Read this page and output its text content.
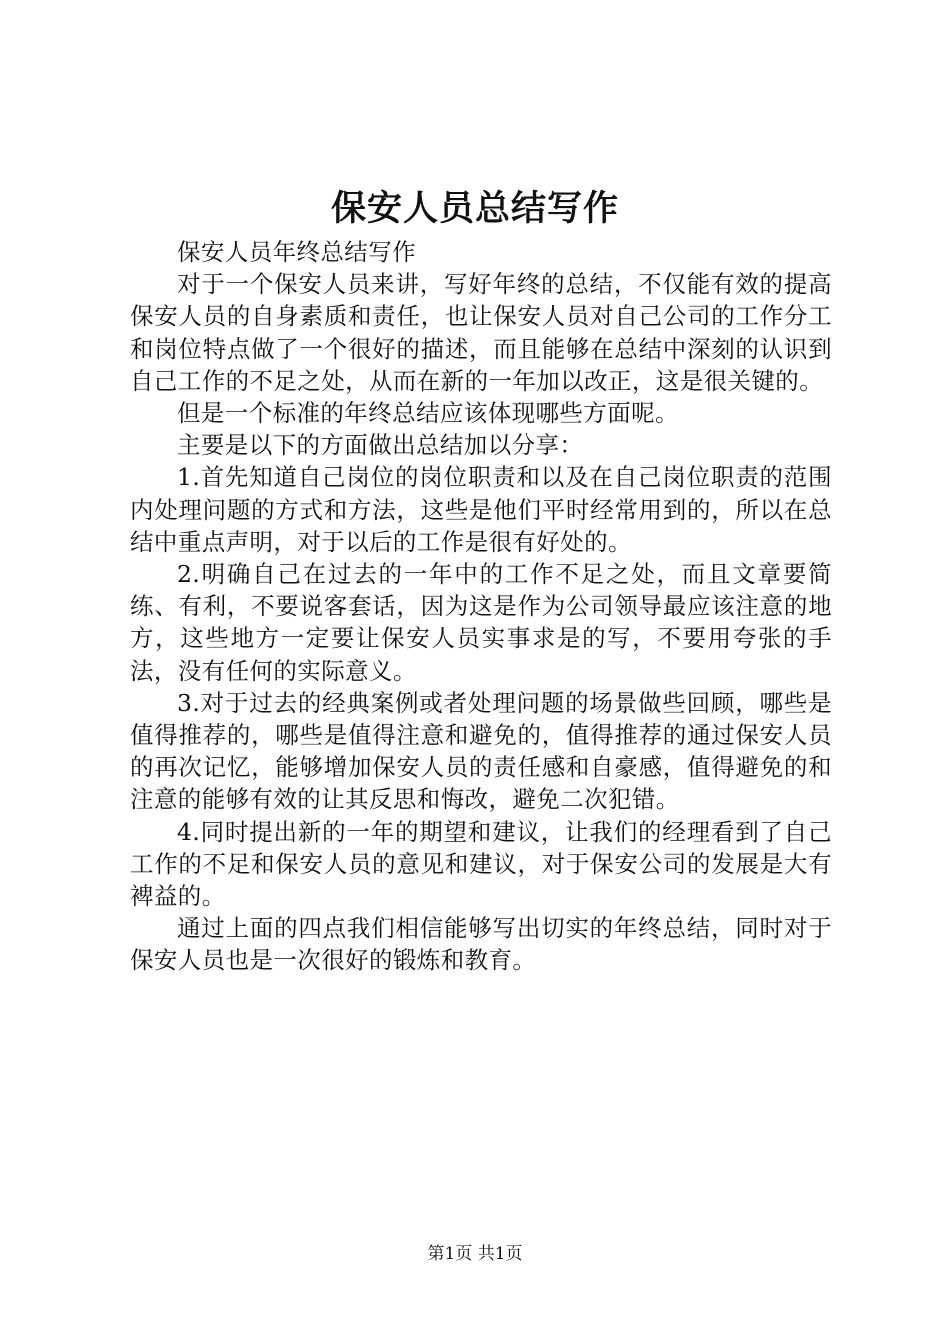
保安人员总结写作

保安人员年终总结写作

对于一个保安人员来讲，写好年终的总结，不仅能有效的提高保安人员的自身素质和责任，也让保安人员对自己公司的工作分工和岗位特点做了一个很好的描述，而且能够在总结中深刻的认识到自己工作的不足之处，从而在新的一年加以改正，这是很关键的。

但是一个标准的年终总结应该体现哪些方面呢。

主要是以下的方面做出总结加以分享：

1.首先知道自己岗位的岗位职责和以及在自己岗位职责的范围内处理问题的方式和方法，这些是他们平时经常用到的，所以在总结中重点声明，对于以后的工作是很有好处的。

2.明确自己在过去的一年中的工作不足之处，而且文章要简练、有利，不要说客套话，因为这是作为公司领导最应该注意的地方，这些地方一定要让保安人员实事求是的写，不要用夸张的手法，没有任何的实际意义。

3.对于过去的经典案例或者处理问题的场景做些回顾，哪些是值得推荐的，哪些是值得注意和避免的，值得推荐的通过保安人员的再次记忆，能够增加保安人员的责任感和自豪感，值得避免的和注意的能够有效的让其反思和悔改，避免二次犯错。

4.同时提出新的一年的期望和建议，让我们的经理看到了自己工作的不足和保安人员的意见和建议，对于保安公司的发展是大有裨益的。

通过上面的四点我们相信能够写出切实的年终总结，同时对于保安人员也是一次很好的锻炼和教育。

第1页 共1页
